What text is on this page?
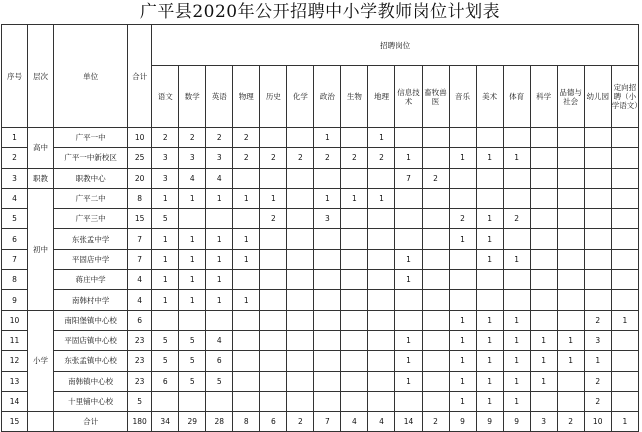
广平县2020年公开招聘中小学教师岗位计划表
序号	层次	单位	合计	招聘岗位																	
				语文	数学	英语	物理	历史	化学	政治	生物	地理	信息技术	畜牧兽医	音乐	美术	体育	科学	品德与社会	幼儿园	定向招聘（小学语文）
1	高中	广平一中	10	2	2	2	2			1		1									
2		广平一中新校区	25	3	3	3	2	2	2	2	2	2	1		1	1	1				
3	职教	职教中心	20	3	4	4							7	2							
4	初中	广平二中	8	1	1	1	1	1		1	1	1									
5		广平三中	15	5				2		3					2	1	2				
6		东张孟中学	7	1	1	1	1								1	1					
7		平固店中学	7	1	1	1	1						1			1	1				
8		蒋庄中学	4	1	1	1							1								
9		南韩村中学	4	1	1	1	1														
10	小学	南阳堡镇中心校	6												1	1	1			2	1
11		平固店镇中心校	23	5	5	4							1		1	1	1	1	1	3	
12		东张孟镇中心校	23	5	5	6							1		1	1	1	1	1	1	
13		南韩镇中心校	23	6	5	5							1		1	1	1	1		2	
14		十里铺中心校	5												1	1	1			2	
15		合计	180	34	29	28	8	6	2	7	4	4	14	2	9	9	9	3	2	10	1
